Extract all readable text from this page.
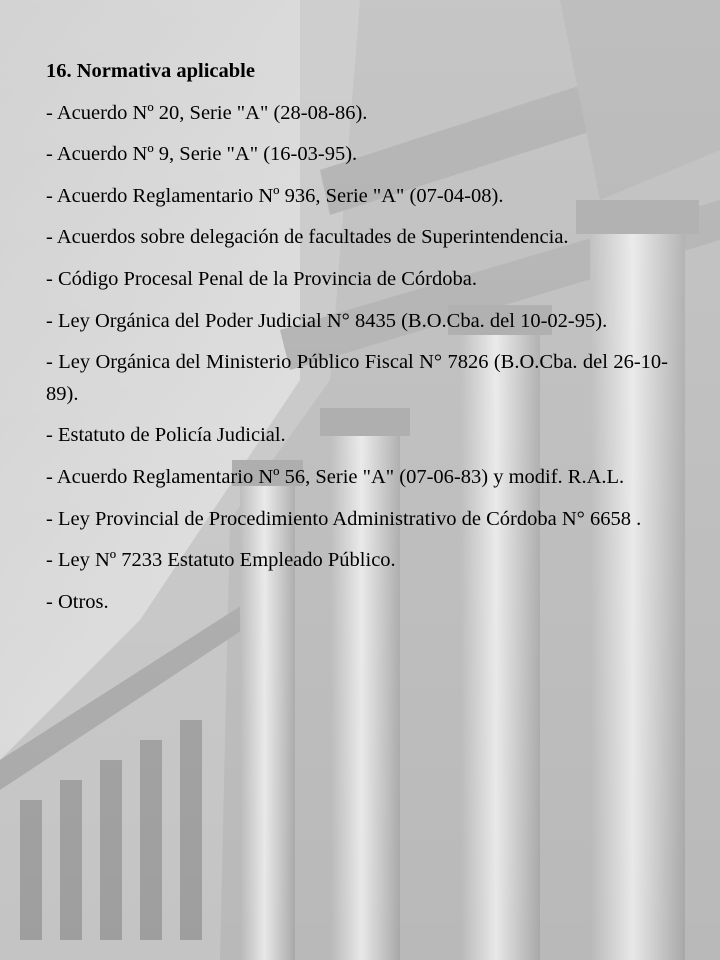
16. Normativa aplicable
- Acuerdo Nº 20, Serie "A" (28-08-86).
- Acuerdo Nº 9, Serie "A" (16-03-95).
- Acuerdo Reglamentario Nº 936, Serie "A" (07-04-08).
- Acuerdos sobre delegación de facultades de Superintendencia.
- Código Procesal Penal de la Provincia de Córdoba.
- Ley Orgánica del Poder Judicial N° 8435 (B.O.Cba. del 10-02-95).
- Ley Orgánica del Ministerio Público Fiscal N° 7826 (B.O.Cba. del 26-10-89).
- Estatuto de Policía Judicial.
- Acuerdo Reglamentario Nº 56, Serie "A" (07-06-83) y modif. R.A.L.
- Ley Provincial de Procedimiento Administrativo de Córdoba N° 6658 .
- Ley Nº 7233 Estatuto Empleado Público.
- Otros.
